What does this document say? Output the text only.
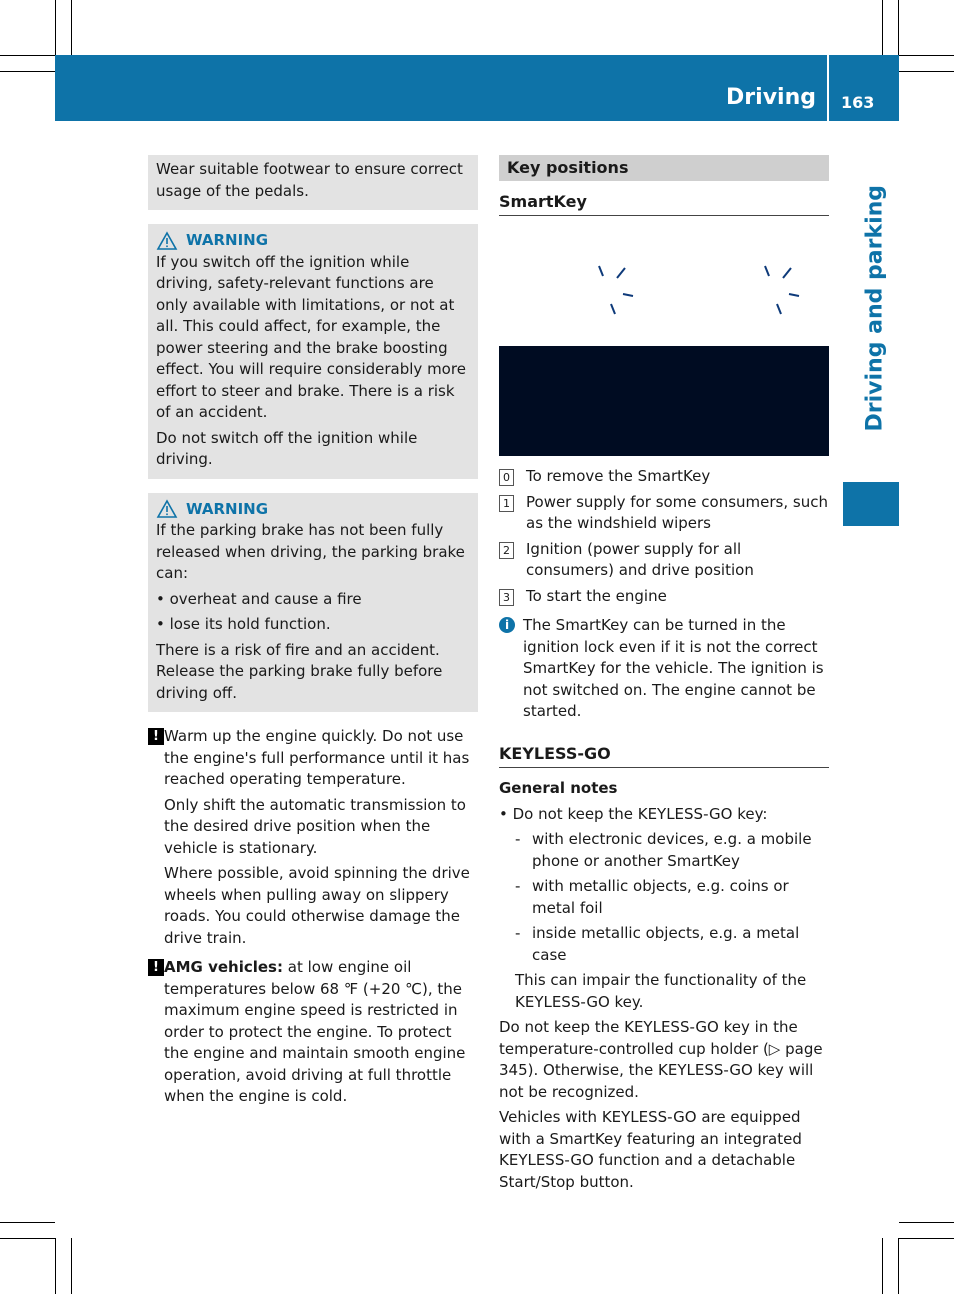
Driving 163
Driving and parking

Wear suitable footwear to ensure correct usage of the pedals.

WARNING

If you switch off the ignition while driving, safety-relevant functions are only available with limitations, or not at all. This could affect, for example, the power steering and the brake boosting effect. You will require considerably more effort to steer and brake. There is a risk of an accident.

Do not switch off the ignition while driving.

WARNING

If the parking brake has not been fully released when driving, the parking brake can:

• overheat and cause a fire
• lose its hold function.

There is a risk of fire and an accident. Release the parking brake fully before driving off.

! Warm up the engine quickly. Do not use the engine's full performance until it has reached operating temperature.

Only shift the automatic transmission to the desired drive position when the vehicle is stationary.

Where possible, avoid spinning the drive wheels when pulling away on slippery roads. You could otherwise damage the drive train.

! AMG vehicles: at low engine oil temperatures below 68 ℉ (+20 ℃), the maximum engine speed is restricted in order to protect the engine. To protect the engine and maintain smooth engine operation, avoid driving at full throttle when the engine is cold.

Key positions
SmartKey
0 To remove the SmartKey
1 Power supply for some consumers, such as the windshield wipers
2 Ignition (power supply for all consumers) and drive position
3 To start the engine
i The SmartKey can be turned in the ignition lock even if it is not the correct SmartKey for the vehicle. The ignition is not switched on. The engine cannot be started.
KEYLESS-GO
General notes
• Do not keep the KEYLESS-GO key:
- with electronic devices, e.g. a mobile phone or another SmartKey
- with metallic objects, e.g. coins or metal foil
- inside metallic objects, e.g. a metal case
This can impair the functionality of the KEYLESS-GO key.

Do not keep the KEYLESS-GO key in the temperature-controlled cup holder (▷ page 345). Otherwise, the KEYLESS-GO key will not be recognized.

Vehicles with KEYLESS-GO are equipped with a SmartKey featuring an integrated KEYLESS-GO function and a detachable Start/Stop button.
